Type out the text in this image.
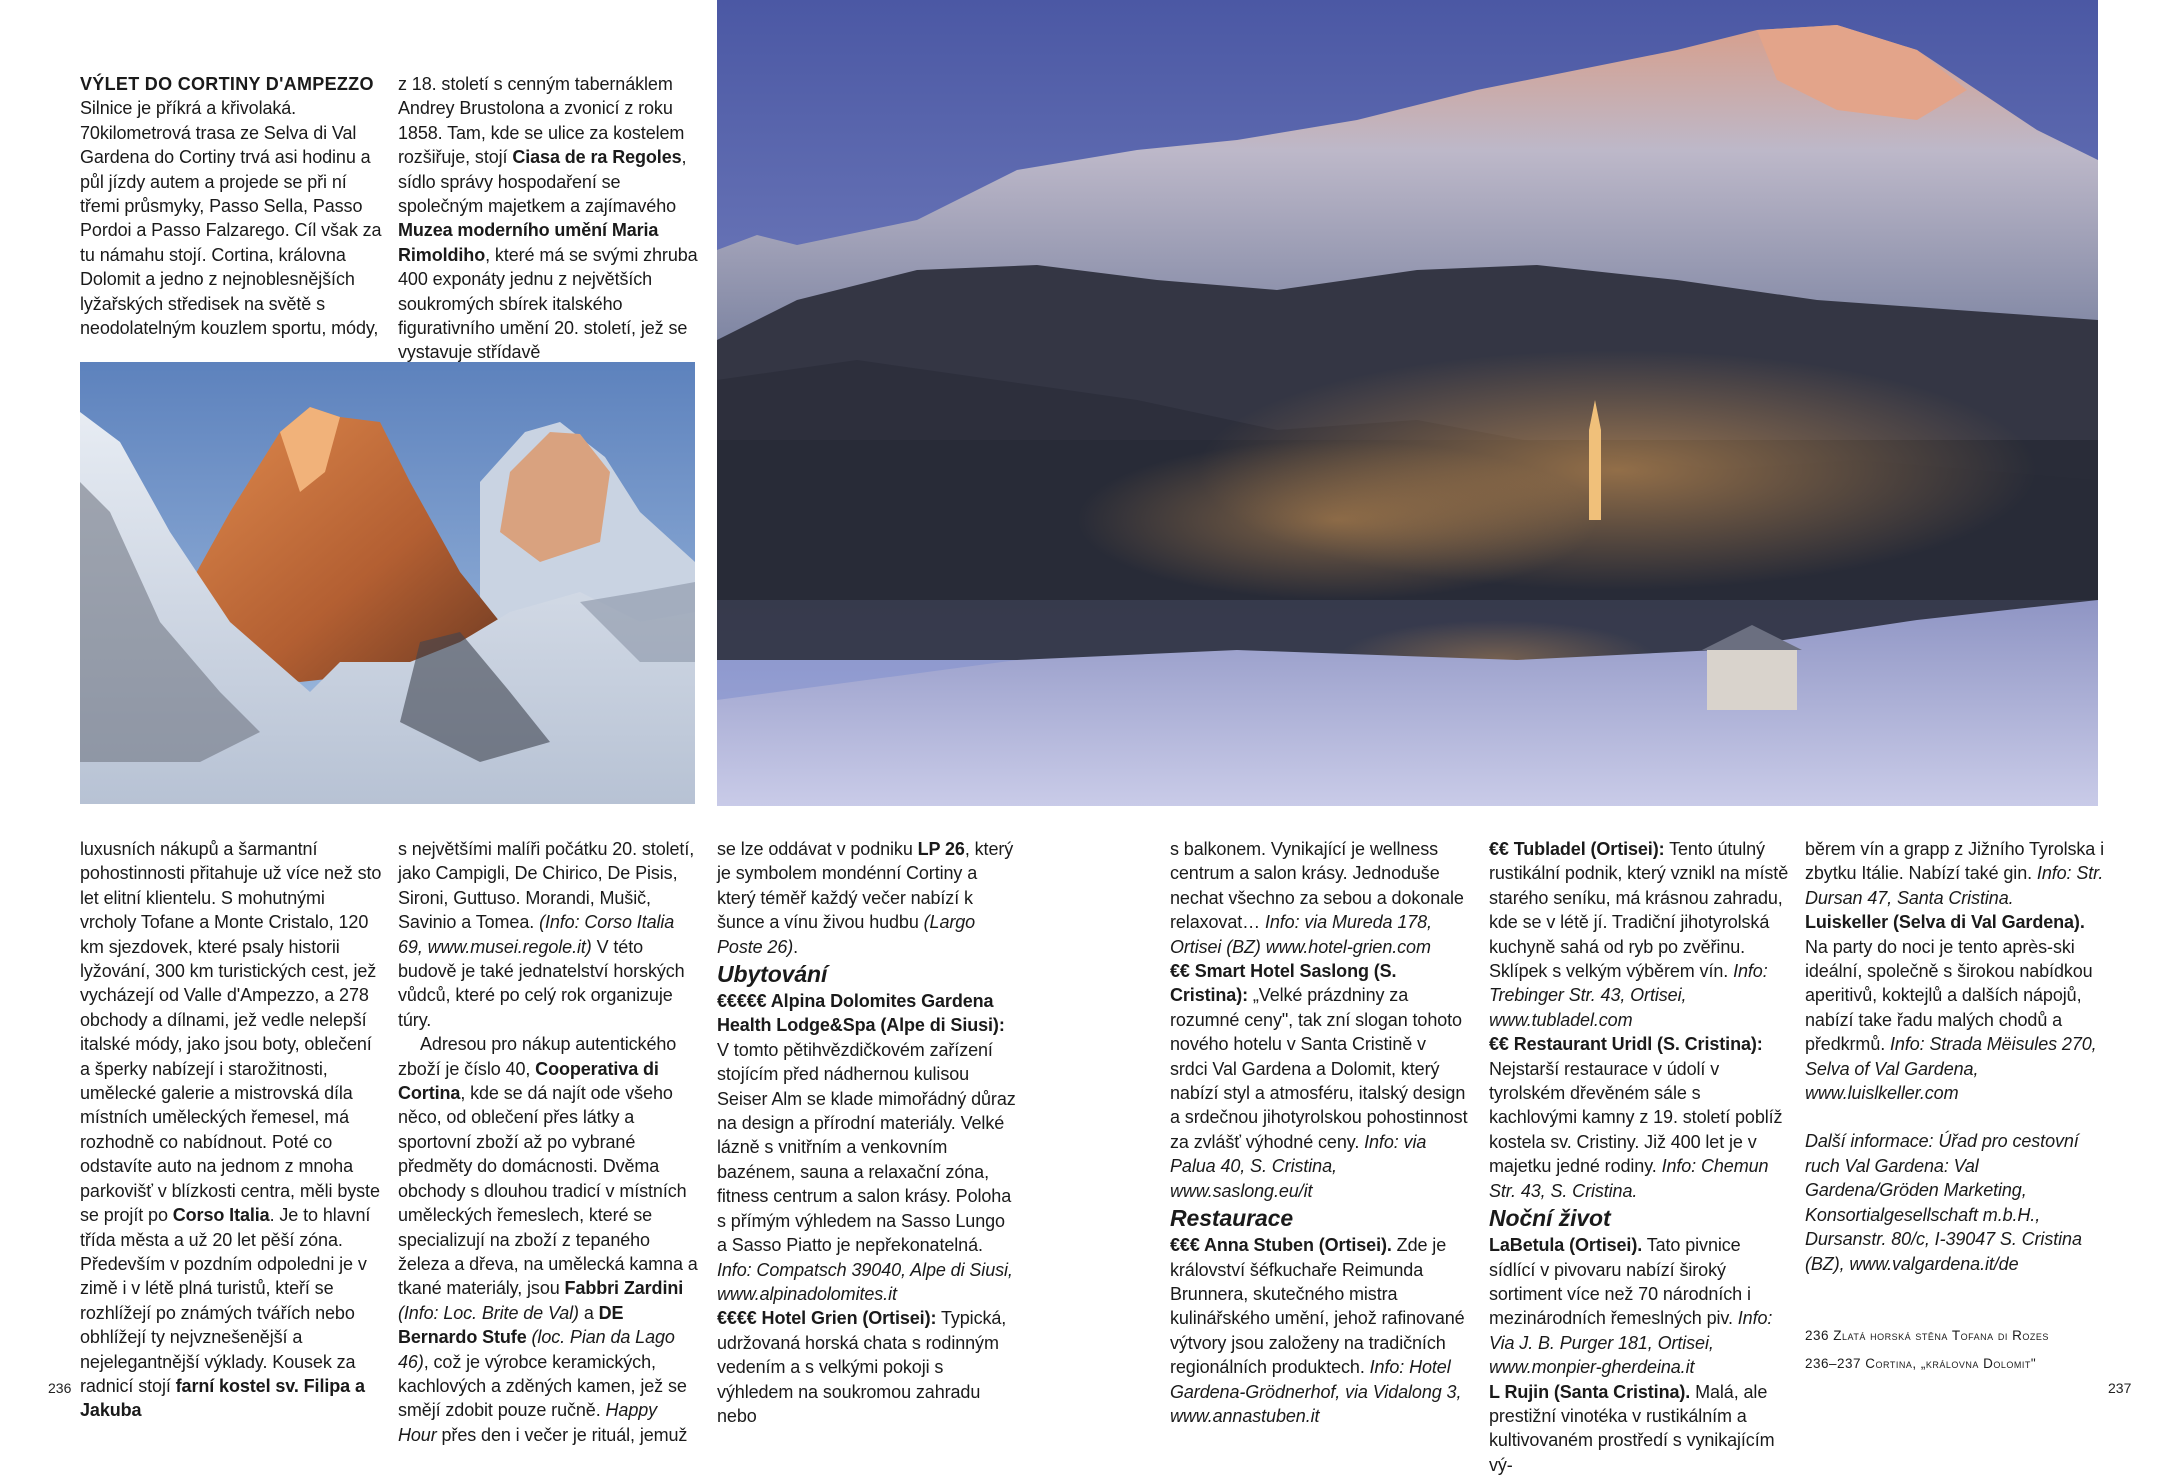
VÝLET DO CORTINY D'AMPEZZO

Silnice je příkrá a křivolaká. 70kilometrová trasa ze Selva di Val Gardena do Cortiny trvá asi hodinu a půl jízdy autem a projede se při ní třemi průsmyky, Passo Sella, Passo Pordoi a Passo Falzarego. Cíl však za tu námahu stojí. Cortina, královna Dolomit a jedno z nejnoblesnějších lyžařských středisek na světě s neodolatelným kouzlem sportu, módy,

z 18. století s cenným tabernáklem Andrey Brustolona a zvonicí z roku 1858. Tam, kde se ulice za kostelem rozšiřuje, stojí Ciasa de ra Regoles, sídlo správy hospodaření se společným majetkem a zajímavého Muzea moderního umění Maria Rimoldiho, které má se svými zhruba 400 exponáty jednu z největších soukromých sbírek italského figurativního umění 20. století, jež se vystavuje střídavě

luxusních nákupů a šarmantní pohostinnosti přitahuje už více než sto let elitní klientelu. S mohutnými vrcholy Tofane a Monte Cristalo, 120 km sjezdovek, které psaly historii lyžování, 300 km turistických cest, jež vycházejí od Valle d'Ampezzo, a 278 obchody a dílnami, jež vedle nelepší italské módy, jako jsou boty, oblečení a šperky nabízejí i starožitnosti, umělecké galerie a mistrovská díla místních uměleckých řemesel, má rozhodně co nabídnout. Poté co odstavíte auto na jednom z mnoha parkovišť v blízkosti centra, měli byste se projít po Corso Italia. Je to hlavní třída města a už 20 let pěší zóna. Především v pozdním odpoledni je v zimě i v létě plná turistů, kteří se rozhlížejí po známých tvářích nebo obhlížejí ty nejvznešenější a nejelegantnější výklady. Kousek za radnicí stojí farní kostel sv. Filipa a Jakuba

s největšími malíři počátku 20. století, jako Campigli, De Chirico, De Pisis, Sironi, Guttuso. Morandi, Mušič, Savinio a Tomea. (Info: Corso Italia 69, www.musei.regole.it) V této budově je také jednatelství horských vůdců, které po celý rok organizuje túry.

Adresou pro nákup autentického zboží je číslo 40, Cooperativa di Cortina, kde se dá najít ode všeho něco, od oblečení přes látky a sportovní zboží až po vybrané předměty do domácnosti. Dvěma obchody s dlouhou tradicí v místních uměleckých řemeslech, které se specializují na zboží z tepaného železa a dřeva, na umělecká kamna a tkané materiály, jsou Fabbri Zardini (Info: Loc. Brite de Val) a DE Bernardo Stufe (loc. Pian da Lago 46), což je výrobce keramických, kachlových a zděných kamen, jež se smějí zdobit pouze ručně. Happy Hour přes den i večer je rituál, jemuž

236

se lze oddávat v podniku LP 26, který je symbolem mondénní Cortiny a který téměř každý večer nabízí k šunce a vínu živou hudbu (Largo Poste 26).

Ubytování

€€€€€ Alpina Dolomites Gardena Health Lodge&Spa (Alpe di Siusi): V tomto pětihvězdičkovém zařízení stojícím před nádhernou kulisou Seiser Alm se klade mimořádný důraz na design a přírodní materiály. Velké lázně s vnitřním a venkovním bazénem, sauna a relaxační zóna, fitness centrum a salon krásy. Poloha s přímým výhledem na Sasso Lungo a Sasso Piatto je nepřekonatelná. Info: Compatsch 39040, Alpe di Siusi, www.alpinadolomites.it

€€€€ Hotel Grien (Ortisei): Typická, udržovaná horská chata s rodinným vedením a s velkými pokoji s výhledem na soukromou zahradu nebo

s balkonem. Vynikající je wellness centrum a salon krásy. Jednoduše nechat všechno za sebou a dokonale relaxovat… Info: via Mureda 178, Ortisei (BZ) www.hotel-grien.com

€€ Smart Hotel Saslong (S. Cristina): „Velké prázdniny za rozumné ceny", tak zní slogan tohoto nového hotelu v Santa Cristině v srdci Val Gardena a Dolomit, který nabízí styl a atmosféru, italský design a srdečnou jihotyrolskou pohostinnost za zvlášť výhodné ceny. Info: via Palua 40, S. Cristina, www.saslong.eu/it

Restaurace

€€€ Anna Stuben (Ortisei). Zde je království šéfkuchaře Reimunda Brunnera, skutečného mistra kulinářského umění, jehož rafinované výtvory jsou založeny na tradičních regionálních produktech. Info: Hotel Gardena-Grödnerhof, via Vidalong 3, www.annastuben.it

€€ Tubladel (Ortisei): Tento útulný rustikální podnik, který vznikl na místě starého seníku, má krásnou zahradu, kde se v létě jí. Tradiční jihotyrolská kuchyně sahá od ryb po zvěřinu. Sklípek s velkým výběrem vín. Info: Trebinger Str. 43, Ortisei, www.tubladel.com

€€ Restaurant Uridl (S. Cristina): Nejstarší restaurace v údolí v tyrolském dřevěném sále s kachlovými kamny z 19. století poblíž kostela sv. Cristiny. Již 400 let je v majetku jedné rodiny. Info: Chemun Str. 43, S. Cristina.

Noční život

LaBetula (Ortisei). Tato pivnice sídlící v pivovaru nabízí široký sortiment více než 70 národních i mezinárodních řemeslných piv. Info: Via J. B. Purger 181, Ortisei, www.monpier-gherdeina.it

L Rujin (Santa Cristina). Malá, ale prestižní vinotéka v rustikálním a kultivovaném prostředí s vynikajícím vý-

běrem vín a grapp z Jižního Tyrolska i zbytku Itálie. Nabízí také gin. Info: Str. Dursan 47, Santa Cristina.

Luiskeller (Selva di Val Gardena). Na party do noci je tento après-ski ideální, společně s širokou nabídkou aperitivů, koktejlů a dalších nápojů, nabízí take řadu malých chodů a předkrmů. Info: Strada Mëisules 270, Selva of Val Gardena, www.luislkeller.com

Další informace: Úřad pro cestovní ruch Val Gardena: Val Gardena/Gröden Marketing, Konsortialgesellschaft m.b.H., Dursanstr. 80/c, I-39047 S. Cristina (BZ), www.valgardena.it/de

236 Zlatá horská stěna Tofana di Rozes
236–237 Cortina, „královna Dolomit"
237
